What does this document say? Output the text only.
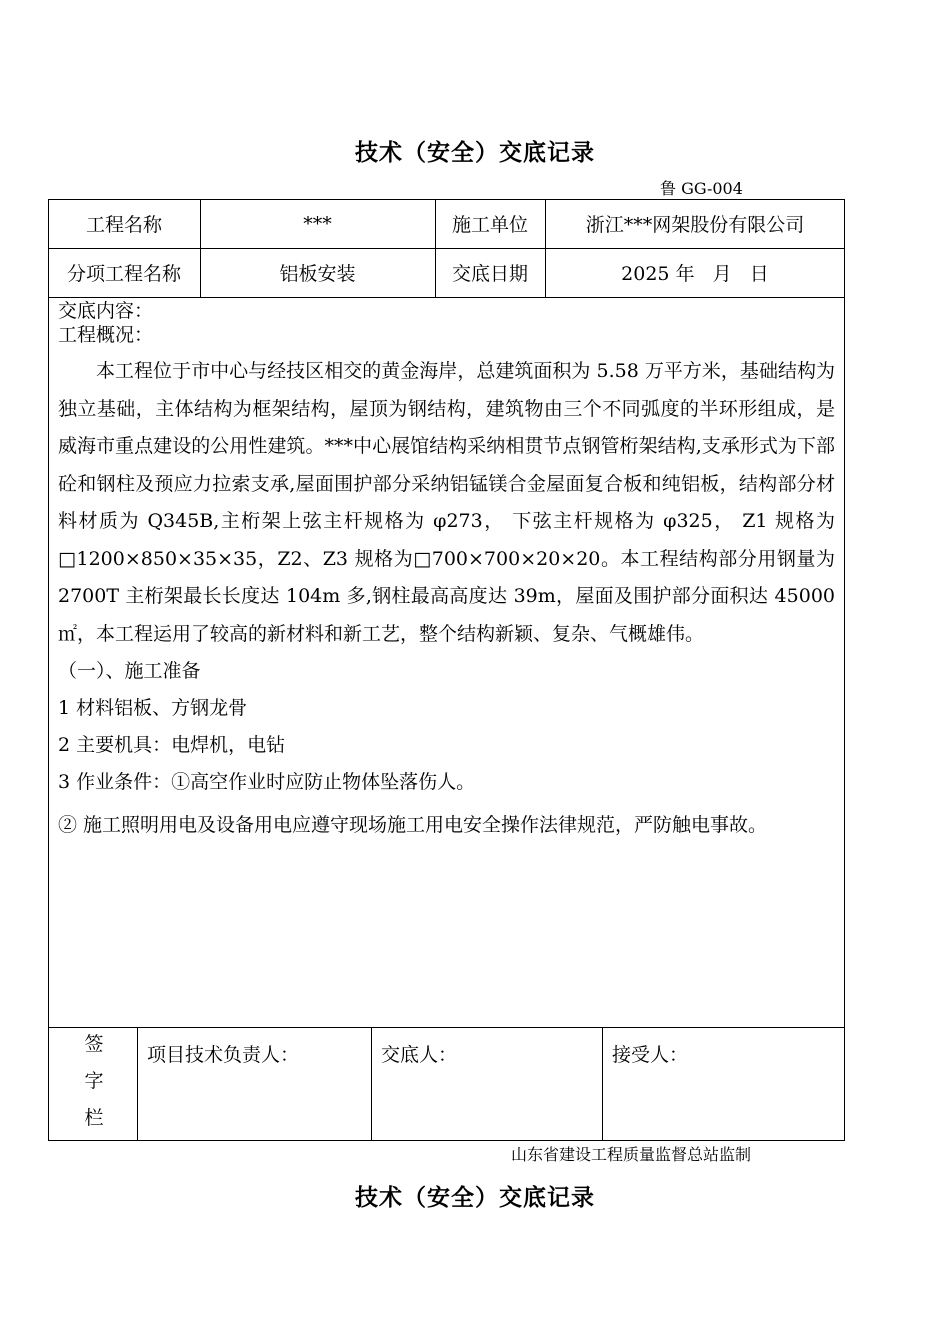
技术（安全）交底记录
鲁 GG-004
工程名称	***	施工单位	浙江***网架股份有限公司
分项工程名称	铝板安装	交底日期	2025 年   月   日
交底内容：
工程概况：

本工程位于市中心与经技区相交的黄金海岸，总建筑面积为 5.58 万平方米，基础结构为独立基础，主体结构为框架结构，屋顶为钢结构，建筑物由三个不同弧度的半环形组成，是威海市重点建设的公用性建筑。***中心展馆结构采纳相贯节点钢管桁架结构,支承形式为下部砼和钢柱及预应力拉索支承,屋面围护部分采纳铝锰镁合金屋面复合板和纯铝板，结构部分材料材质为 Q345B,主桁架上弦主杆规格为 φ273， 下弦主杆规格为 φ325， Z1 规格为□1200×850×35×35，Z2、Z3 规格为□700×700×20×20。本工程结构部分用钢量为 2700T 主桁架最长长度达 104m 多,钢柱最高高度达 39m，屋面及围护部分面积达 45000㎡，本工程运用了较高的新材料和新工艺，整个结构新颖、复杂、气概雄伟。

（一）、施工准备

1 材料铝板、方钢龙骨

2 主要机具：电焊机，电钻

3 作业条件：①高空作业时应防止物体坠落伤人。

② 施工照明用电及设备用电应遵守现场施工用电安全操作法律规范，严防触电事故。

签
字
栏
项目技术负责人：	交底人：	接受人：
山东省建设工程质量监督总站监制
技术（安全）交底记录
